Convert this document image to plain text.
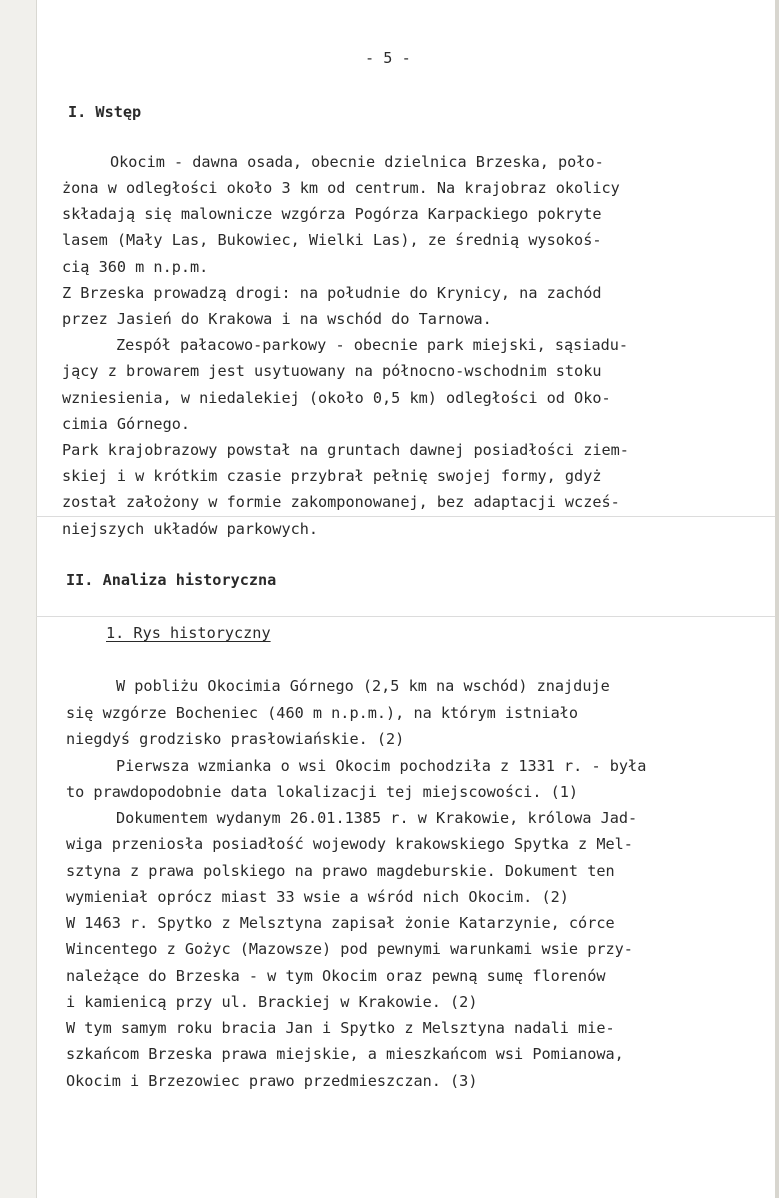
- 5 -
I. Wstęp
Okocim - dawna osada, obecnie dzielnica Brzeska, poło-
żona w odległości około 3 km od centrum. Na krajobraz okolicy
składają się malownicze wzgórza Pogórza Karpackiego pokryte
lasem (Mały Las, Bukowiec, Wielki Las), ze średnią wysokoś-
cią 360 m n.p.m.
Z Brzeska prowadzą drogi: na południe do Krynicy, na zachód
przez Jasień do Krakowa i na wschód do Tarnowa.
Zespół pałacowo-parkowy - obecnie park miejski, sąsiadu-
jący z browarem jest usytuowany na północno-wschodnim stoku
wzniesienia, w niedalekiej (około 0,5 km) odległości od Oko-
cimia Górnego.
Park krajobrazowy powstał na gruntach dawnej posiadłości ziem-
skiej i w krótkim czasie przybrał pełnię swojej formy, gdyż
został założony w formie zakomponowanej, bez adaptacji wcześ-
niejszych układów parkowych.
II. Analiza historyczna
1. Rys historyczny
W pobliżu Okocimia Górnego (2,5 km na wschód) znajduje
się wzgórze Bocheniec (460 m n.p.m.), na którym istniało
niegdyś grodzisko prasłowiańskie. (2)
Pierwsza wzmianka o wsi Okocim pochodziła z 1331 r. - była
to prawdopodobnie data lokalizacji tej miejscowości. (1)
Dokumentem wydanym 26.01.1385 r. w Krakowie, królowa Jad-
wiga przeniosła posiadłość wojewody krakowskiego Spytka z Mel-
sztyna z prawa polskiego na prawo magdeburskie. Dokument ten
wymieniał oprócz miast 33 wsie a wśród nich Okocim. (2)
W 1463 r. Spytko z Melsztyna zapisał żonie Katarzynie, córce
Wincentego z Gożyc (Mazowsze) pod pewnymi warunkami wsie przy-
należące do Brzeska - w tym Okocim oraz pewną sumę florenów
i kamienicą przy ul. Brackiej w Krakowie. (2)
W tym samym roku bracia Jan i Spytko z Melsztyna nadali mie-
szkańcom Brzeska prawa miejskie, a mieszkańcom wsi Pomianowa,
Okocim i Brzezowiec prawo przedmieszczan. (3)
